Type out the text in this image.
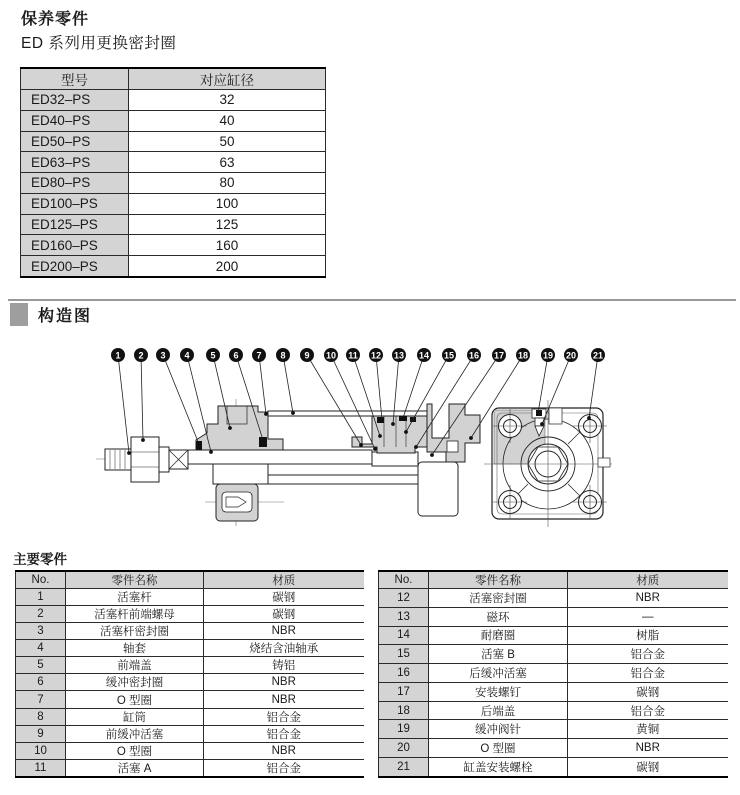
保养零件
ED 系列用更换密封圈
型号	对应缸径
ED32–PS	32
ED40–PS	40
ED50–PS	50
ED63–PS	63
ED80–PS	80
ED100–PS	100
ED125–PS	125
ED160–PS	160
ED200–PS	200
构造图
1 2 3 4 5 6 7 8 9 10 11 12 13 14 15 16 17 18 19 20 21
主要零件
No.	零件名称	材质
1	活塞杆	碳钢
2	活塞杆前端螺母	碳钢
3	活塞杆密封圈	NBR
4	轴套	烧结含油轴承
5	前端盖	铸铝
6	缓冲密封圈	NBR
7	O 型圈	NBR
8	缸筒	铝合金
9	前缓冲活塞	铝合金
10	O 型圈	NBR
11	活塞 A	铝合金
No.	零件名称	材质
12	活塞密封圈	NBR
13	磁环	—
14	耐磨圈	树脂
15	活塞 B	铝合金
16	后缓冲活塞	铝合金
17	安装螺钉	碳钢
18	后端盖	铝合金
19	缓冲阀针	黄铜
20	O 型圈	NBR
21	缸盖安装螺栓	碳钢
